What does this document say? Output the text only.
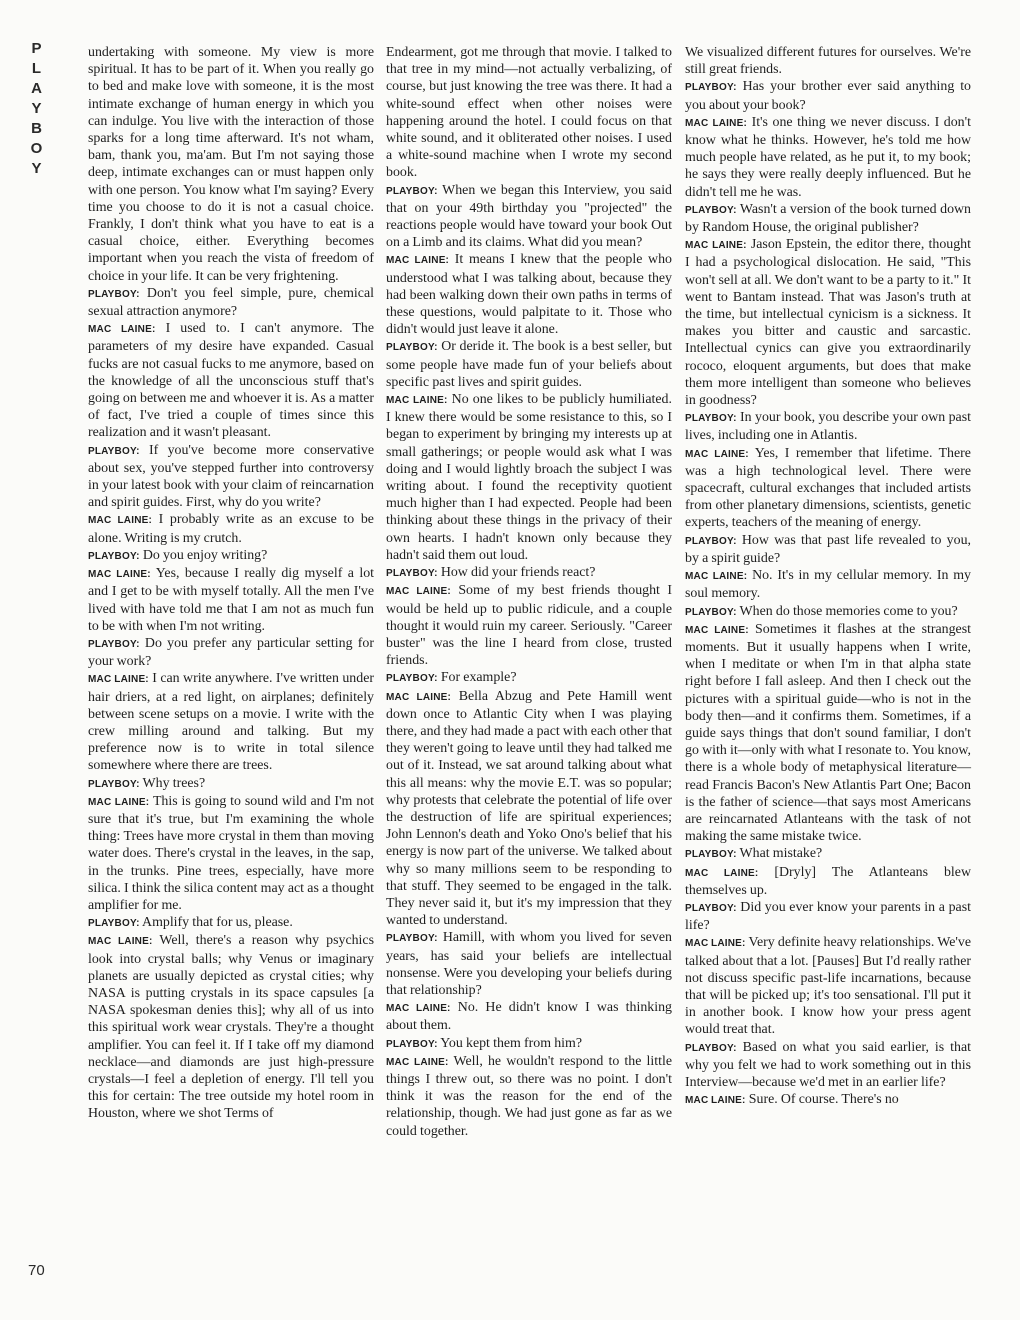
PLAYBOY	undertaking with someone. My view is more spiritual. It has to be part of it. When you really go to bed and make love with someone, it is the most intimate exchange of human energy in which you can indulge. You live with the interaction of those sparks for a long time afterward. It's not wham, bam, thank you, ma'am. But I'm not saying those deep, intimate exchanges can or must happen only with one person. You know what I'm saying? Every time you choose to do it is not a casual choice. Frankly, I don't think what you have to eat is a casual choice, either. Everything becomes important when you reach the vista of freedom of choice in your life. It can be very frightening.

PLAYBOY: Don't you feel simple, pure, chemical sexual attraction anymore?

MAC LAINE: I used to. I can't anymore. The parameters of my desire have expanded. Casual fucks are not casual fucks to me anymore, based on the knowledge of all the unconscious stuff that's going on between me and whoever it is. As a matter of fact, I've tried a couple of times since this realization and it wasn't pleasant.

PLAYBOY: If you've become more conservative about sex, you've stepped further into controversy in your latest book with your claim of reincarnation and spirit guides. First, why do you write?

MAC LAINE: I probably write as an excuse to be alone. Writing is my crutch.

PLAYBOY: Do you enjoy writing?

MAC LAINE: Yes, because I really dig myself a lot and I get to be with myself totally. All the men I've lived with have told me that I am not as much fun to be with when I'm not writing.

PLAYBOY: Do you prefer any particular setting for your work?

MAC LAINE: I can write anywhere. I've written under hair driers, at a red light, on airplanes; definitely between scene setups on a movie. I write with the crew milling around and talking. But my preference now is to write in total silence somewhere where there are trees.

PLAYBOY: Why trees?

MAC LAINE: This is going to sound wild and I'm not sure that it's true, but I'm examining the whole thing: Trees have more crystal in them than moving water does. There's crystal in the leaves, in the sap, in the trunks. Pine trees, especially, have more silica. I think the silica content may act as a thought amplifier for me.

PLAYBOY: Amplify that for us, please.

MAC LAINE: Well, there's a reason why psychics look into crystal balls; why Venus or imaginary planets are usually depicted as crystal cities; why NASA is putting crystals in its space capsules [a NASA spokesman denies this]; why all of us into this spiritual work wear crystals. They're a thought amplifier. You can feel it. If I take off my diamond necklace—and diamonds are just high-pressure crystals—I feel a depletion of energy. I'll tell you this for certain: The tree outside my hotel room in Houston, where we shot Terms of

Endearment, got me through that movie. I talked to that tree in my mind—not actually verbalizing, of course, but just knowing the tree was there. It had a white-sound effect when other noises were happening around the hotel. I could focus on that white sound, and it obliterated other noises. I used a white-sound machine when I wrote my second book.

PLAYBOY: When we began this Interview, you said that on your 49th birthday you "projected" the reactions people would have toward your book Out on a Limb and its claims. What did you mean?

MAC LAINE: It means I knew that the people who understood what I was talking about, because they had been walking down their own paths in terms of these questions, would palpitate to it. Those who didn't would just leave it alone.

PLAYBOY: Or deride it. The book is a best seller, but some people have made fun of your beliefs about specific past lives and spirit guides.

MAC LAINE: No one likes to be publicly humiliated. I knew there would be some resistance to this, so I began to experiment by bringing my interests up at small gatherings; or people would ask what I was doing and I would lightly broach the subject I was writing about. I found the receptivity quotient much higher than I had expected. People had been thinking about these things in the privacy of their own hearts. I hadn't known only because they hadn't said them out loud.

PLAYBOY: How did your friends react?

MAC LAINE: Some of my best friends thought I would be held up to public ridicule, and a couple thought it would ruin my career. Seriously. "Career buster" was the line I heard from close, trusted friends.

PLAYBOY: For example?

MAC LAINE: Bella Abzug and Pete Hamill went down once to Atlantic City when I was playing there, and they had made a pact with each other that they weren't going to leave until they had talked me out of it. Instead, we sat around talking about what this all means: why the movie E.T. was so popular; why protests that celebrate the potential of life over the destruction of life are spiritual experiences; John Lennon's death and Yoko Ono's belief that his energy is now part of the universe. We talked about why so many millions seem to be responding to that stuff. They seemed to be engaged in the talk. They never said it, but it's my impression that they wanted to understand.

PLAYBOY: Hamill, with whom you lived for seven years, has said your beliefs are intellectual nonsense. Were you developing your beliefs during that relationship?

MAC LAINE: No. He didn't know I was thinking about them.

PLAYBOY: You kept them from him?

MAC LAINE: Well, he wouldn't respond to the little things I threw out, so there was no point. I don't think it was the reason for the end of the relationship, though. We had just gone as far as we could together.

We visualized different futures for ourselves. We're still great friends.

PLAYBOY: Has your brother ever said anything to you about your book?

MAC LAINE: It's one thing we never discuss. I don't know what he thinks. However, he's told me how much people have related, as he put it, to my book; he says they were really deeply influenced. But he didn't tell me he was.

PLAYBOY: Wasn't a version of the book turned down by Random House, the original publisher?

MAC LAINE: Jason Epstein, the editor there, thought I had a psychological dislocation. He said, "This won't sell at all. We don't want to be a party to it." It went to Bantam instead. That was Jason's truth at the time, but intellectual cynicism is a sickness. It makes you bitter and caustic and sarcastic. Intellectual cynics can give you extraordinarily rococo, eloquent arguments, but does that make them more intelligent than someone who believes in goodness?

PLAYBOY: In your book, you describe your own past lives, including one in Atlantis.

MAC LAINE: Yes, I remember that lifetime. There was a high technological level. There were spacecraft, cultural exchanges that included artists from other planetary dimensions, scientists, genetic experts, teachers of the meaning of energy.

PLAYBOY: How was that past life revealed to you, by a spirit guide?

MAC LAINE: No. It's in my cellular memory. In my soul memory.

PLAYBOY: When do those memories come to you?

MAC LAINE: Sometimes it flashes at the strangest moments. But it usually happens when I write, when I meditate or when I'm in that alpha state right before I fall asleep. And then I check out the pictures with a spiritual guide—who is not in the body then—and it confirms them. Sometimes, if a guide says things that don't sound familiar, I don't go with it—only with what I resonate to. You know, there is a whole body of metaphysical literature—read Francis Bacon's New Atlantis Part One; Bacon is the father of science—that says most Americans are reincarnated Atlanteans with the task of not making the same mistake twice.

PLAYBOY: What mistake?

MAC LAINE: [Dryly] The Atlanteans blew themselves up.

PLAYBOY: Did you ever know your parents in a past life?

MAC LAINE: Very definite heavy relationships. We've talked about that a lot. [Pauses] But I'd really rather not discuss specific past-life incarnations, because that will be picked up; it's too sensational. I'll put it in another book. I know how your press agent would treat that.

PLAYBOY: Based on what you said earlier, is that why you felt we had to work something out in this Interview—because we'd met in an earlier life?

MAC LAINE: Sure. Of course. There's no

70
